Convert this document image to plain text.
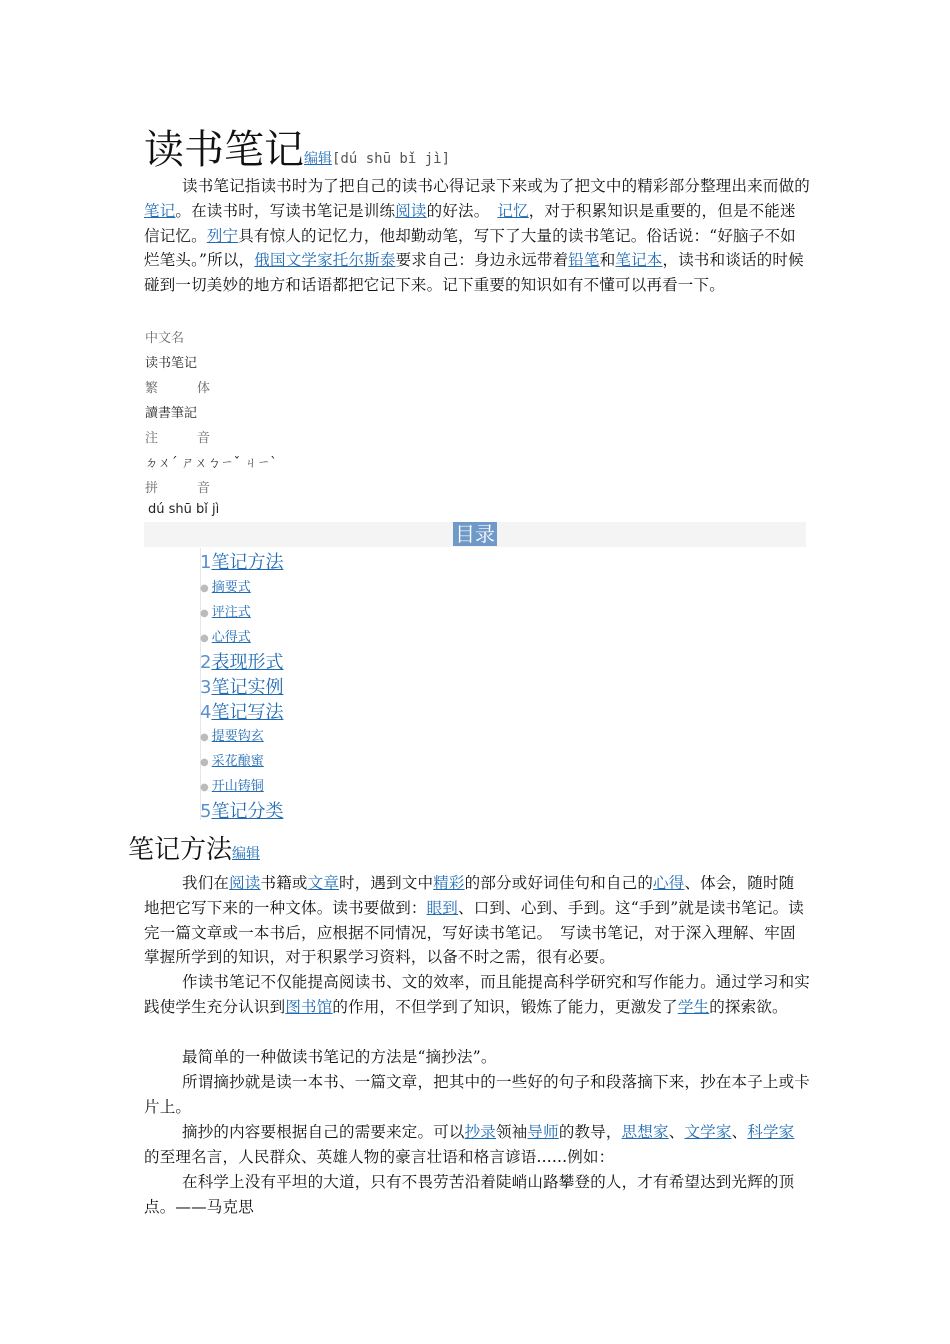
读书笔记编辑[dú shū bǐ jì]
读书笔记指读书时为了把自己的读书心得记录下来或为了把文中的精彩部分整理出来而做的笔记。在读书时，写读书笔记是训练阅读的好法。　记忆，对于积累知识是重要的，但是不能迷信记忆。列宁具有惊人的记忆力，他却勤动笔，写下了大量的读书笔记。俗话说：“好脑子不如烂笔头。”所以，俄国文学家托尔斯泰要求自己：身边永远带着铅笔和笔记本，读书和谈话的时候碰到一切美妙的地方和话语都把它记下来。记下重要的知识如有不懂可以再看一下。
中文名
读书笔记
繁　　　体
讀書筆記
注　　　音
ㄉㄨˊ ㄕㄨㄅㄧˇ ㄐㄧˋ
拼　　　音
dú shū bǐ jì
目录
1笔记方法
● 摘要式
● 评注式
● 心得式
2表现形式
3笔记实例
4笔记写法
● 提要钩玄
● 采花酿蜜
● 开山铸铜
5笔记分类
笔记方法编辑
我们在阅读书籍或文章时，遇到文中精彩的部分或好词佳句和自己的心得、体会，随时随地把它写下来的一种文体。读书要做到：眼到、口到、心到、手到。这“手到”就是读书笔记。读完一篇文章或一本书后，应根据不同情况，写好读书笔记。　写读书笔记，对于深入理解、牢固掌握所学到的知识，对于积累学习资料，以备不时之需，很有必要。
作读书笔记不仅能提高阅读书、文的效率，而且能提高科学研究和写作能力。通过学习和实践使学生充分认识到图书馆的作用，不但学到了知识，锻炼了能力，更激发了学生的探索欲。
最简单的一种做读书笔记的方法是“摘抄法”。
所谓摘抄就是读一本书、一篇文章，把其中的一些好的句子和段落摘下来，抄在本子上或卡片上。
摘抄的内容要根据自己的需要来定。可以抄录领袖导师的教导，思想家、文学家、科学家的至理名言，人民群众、英雄人物的豪言壮语和格言谚语......例如：
在科学上没有平坦的大道，只有不畏劳苦沿着陡峭山路攀登的人，才有希望达到光辉的顶点。——马克思
